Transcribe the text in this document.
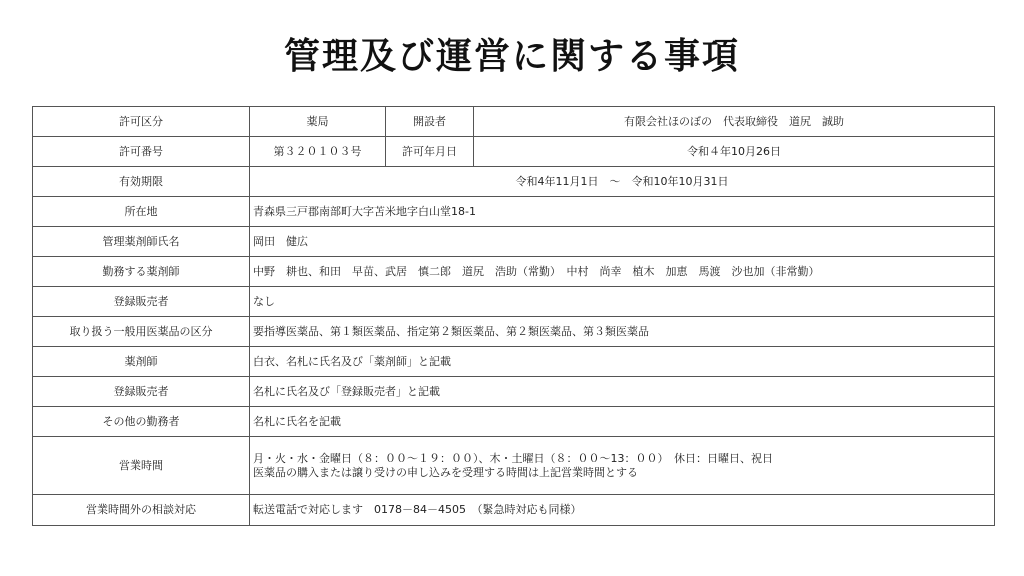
管理及び運営に関する事項
許可区分	薬局	開設者	有限会社ほのぼの　代表取締役　道尻　誠助
許可番号	第３２０１０３号	許可年月日	令和４年10月26日
有効期限	令和4年11月1日　～　令和10年10月31日		
所在地	青森県三戸郡南部町大字苫米地字白山堂18-1		
管理薬剤師氏名	岡田　健広		
勤務する薬剤師	中野　耕也、和田　早苗、武居　慎二郎　道尻　浩助（常勤）　中村　尚幸　植木　加恵　馬渡　沙也加（非常勤）		
登録販売者	なし		
取り扱う一般用医薬品の区分	要指導医薬品、第１類医薬品、指定第２類医薬品、第２類医薬品、第３類医薬品		
薬剤師	白衣、名札に氏名及び「薬剤師」と記載		
登録販売者	名札に氏名及び「登録販売者」と記載		
その他の勤務者	名札に氏名を記載		
営業時間	月・火・水・金曜日（８：００～１９：００）、木・土曜日（８：００～13：００）　休日：日曜日、祝日
医薬品の購入または譲り受けの申し込みを受理する時間は上記営業時間とする		

営業時間外の相談対応	転送電話で対応します　0178－84－4505　（緊急時対応も同様）		
